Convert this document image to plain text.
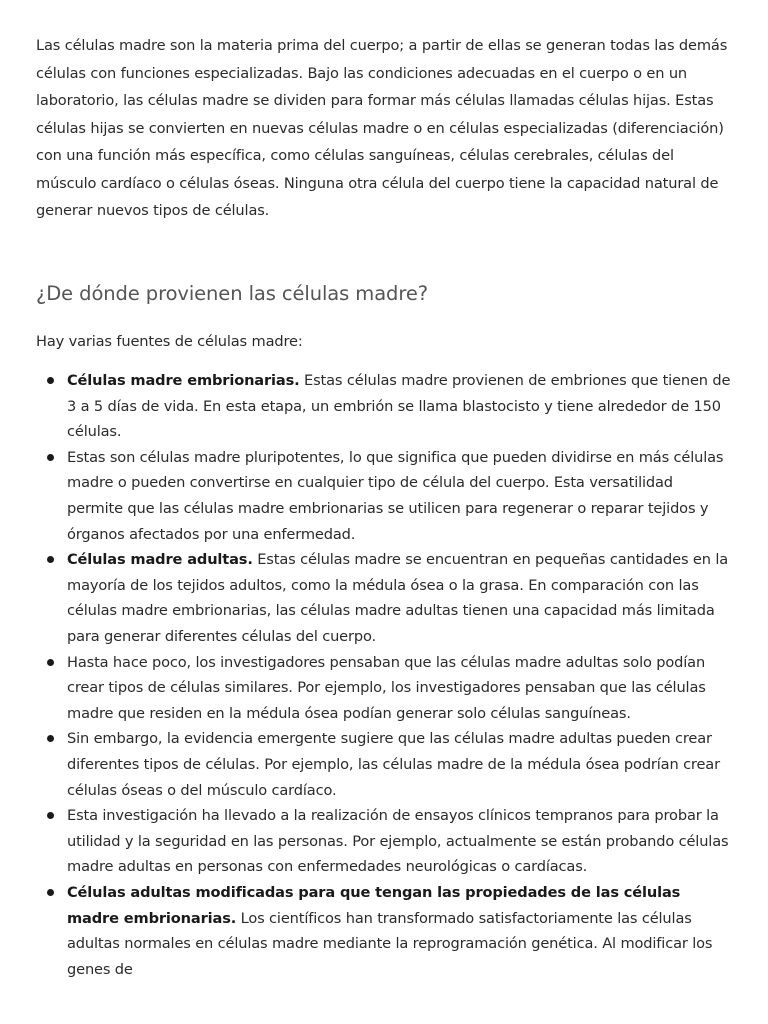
Las células madre son la materia prima del cuerpo; a partir de ellas se generan todas las demás células con funciones especializadas. Bajo las condiciones adecuadas en el cuerpo o en un laboratorio, las células madre se dividen para formar más células llamadas células hijas. Estas células hijas se convierten en nuevas células madre o en células especializadas (diferenciación) con una función más específica, como células sanguíneas, células cerebrales, células del músculo cardíaco o células óseas. Ninguna otra célula del cuerpo tiene la capacidad natural de generar nuevos tipos de células.

¿De dónde provienen las células madre?

Hay varias fuentes de células madre:

Células madre embrionarias. Estas células madre provienen de embriones que tienen de 3 a 5 días de vida. En esta etapa, un embrión se llama blastocisto y tiene alrededor de 150 células.
Estas son células madre pluripotentes, lo que significa que pueden dividirse en más células madre o pueden convertirse en cualquier tipo de célula del cuerpo. Esta versatilidad permite que las células madre embrionarias se utilicen para regenerar o reparar tejidos y órganos afectados por una enfermedad.
Células madre adultas. Estas células madre se encuentran en pequeñas cantidades en la mayoría de los tejidos adultos, como la médula ósea o la grasa. En comparación con las células madre embrionarias, las células madre adultas tienen una capacidad más limitada para generar diferentes células del cuerpo.
Hasta hace poco, los investigadores pensaban que las células madre adultas solo podían crear tipos de células similares. Por ejemplo, los investigadores pensaban que las células madre que residen en la médula ósea podían generar solo células sanguíneas.
Sin embargo, la evidencia emergente sugiere que las células madre adultas pueden crear diferentes tipos de células. Por ejemplo, las células madre de la médula ósea podrían crear células óseas o del músculo cardíaco.
Esta investigación ha llevado a la realización de ensayos clínicos tempranos para probar la utilidad y la seguridad en las personas. Por ejemplo, actualmente se están probando células madre adultas en personas con enfermedades neurológicas o cardíacas.
Células adultas modificadas para que tengan las propiedades de las células madre embrionarias. Los científicos han transformado satisfactoriamente las células adultas normales en células madre mediante la reprogramación genética. Al modificar los genes de
